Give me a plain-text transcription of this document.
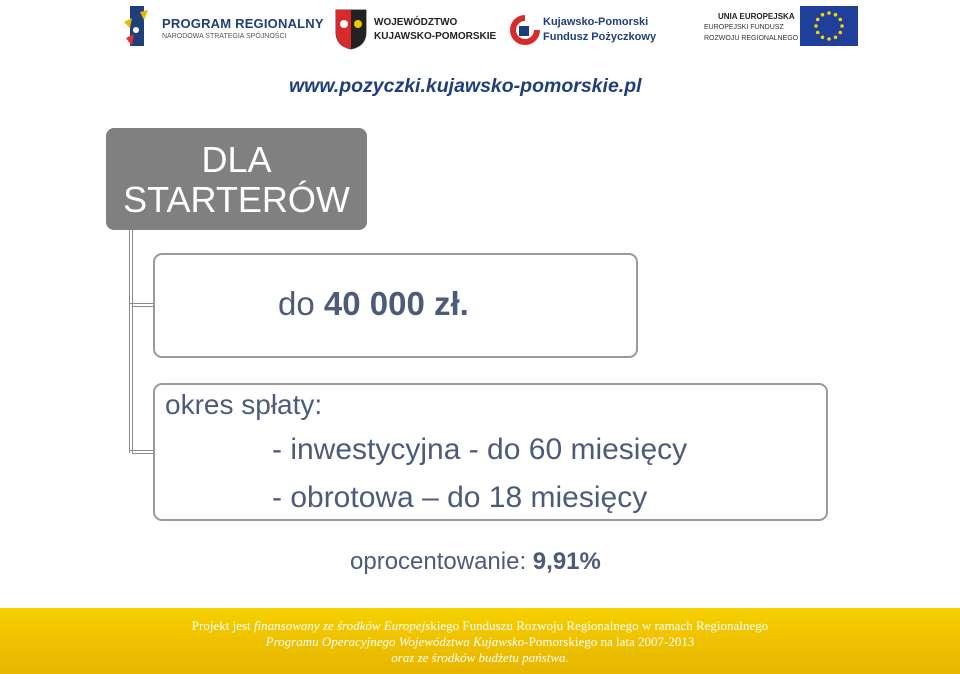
PROGRAM REGIONALNY
NARODOWA STRATEGIA SPÓJNOŚCI
WOJEWÓDZTWO
KUJAWSKO-POMORSKIE
Kujawsko-Pomorski
Fundusz Pożyczkowy
UNIA EUROPEJSKA
EUROPEJSKI FUNDUSZ
ROZWOJU REGIONALNEGO
www.pozyczki.kujawsko-pomorskie.pl
DLA
STARTERÓW
do 40 000 zł.
okres spłaty:
- inwestycyjna - do 60 miesięcy
- obrotowa – do 18 miesięcy
oprocentowanie: 9,91%
Projekt jest finansowany ze środków Europejskiego Funduszu Rozwoju Regionalnego w ramach Regionalnego
Programu Operacyjnego Województwa Kujawsko-Pomorskiego na lata 2007-2013
oraz ze środków budżetu państwa.
